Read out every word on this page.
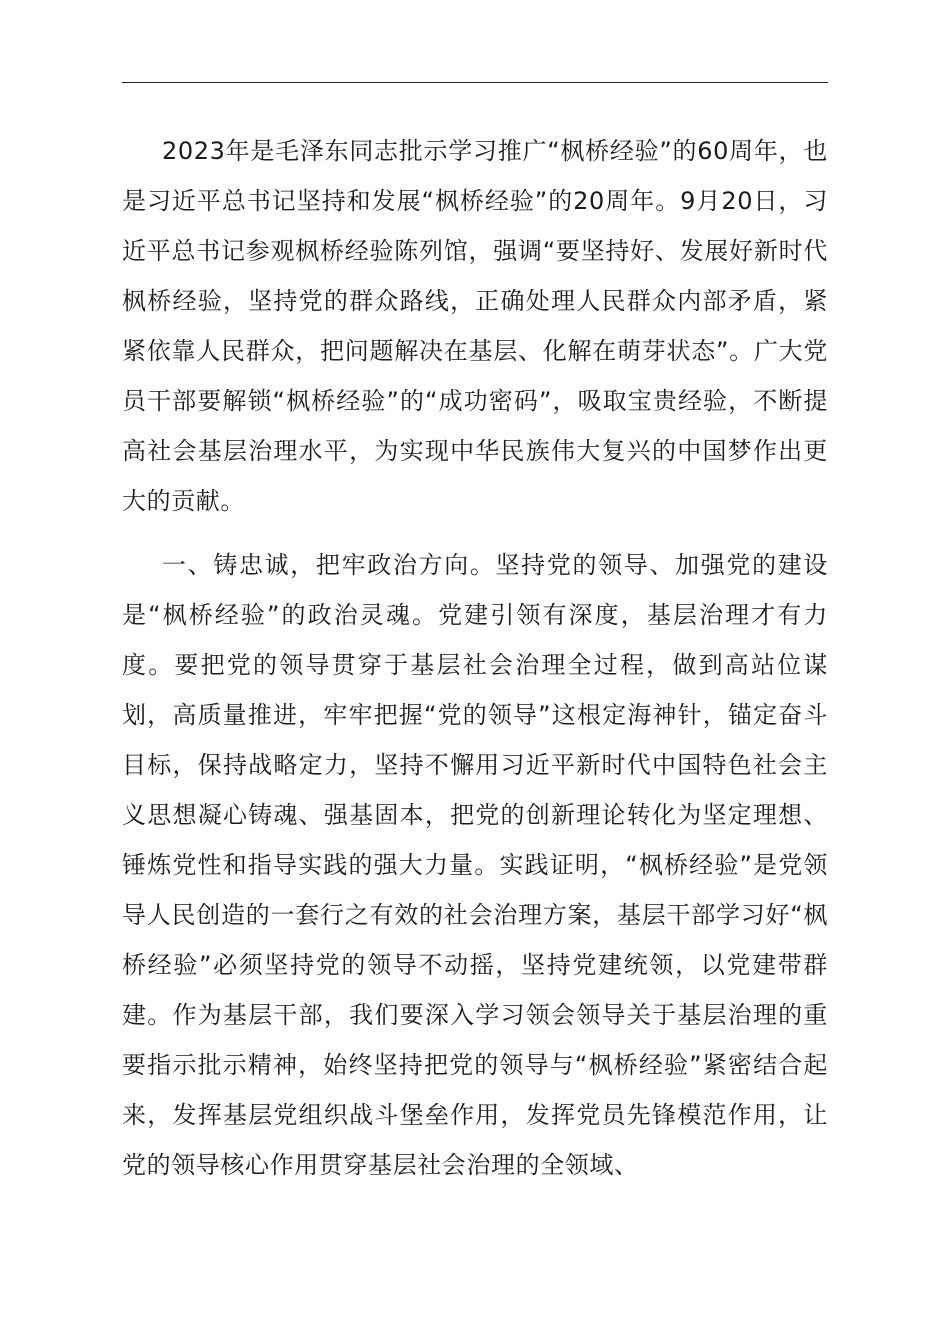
2023年是毛泽东同志批示学习推广“枫桥经验”的60周年，也是习近平总书记坚持和发展“枫桥经验”的20周年。9月20日，习近平总书记参观枫桥经验陈列馆，强调“要坚持好、发展好新时代枫桥经验，坚持党的群众路线，正确处理人民群众内部矛盾，紧紧依靠人民群众，把问题解决在基层、化解在萌芽状态”。广大党员干部要解锁“枫桥经验”的“成功密码”，吸取宝贵经验，不断提高社会基层治理水平，为实现中华民族伟大复兴的中国梦作出更大的贡献。

一、铸忠诚，把牢政治方向。坚持党的领导、加强党的建设是“枫桥经验”的政治灵魂。党建引领有深度，基层治理才有力度。要把党的领导贯穿于基层社会治理全过程，做到高站位谋划，高质量推进，牢牢把握“党的领导”这根定海神针，锚定奋斗目标，保持战略定力，坚持不懈用习近平新时代中国特色社会主义思想凝心铸魂、强基固本，把党的创新理论转化为坚定理想、锤炼党性和指导实践的强大力量。实践证明，“枫桥经验”是党领导人民创造的一套行之有效的社会治理方案，基层干部学习好“枫桥经验”必须坚持党的领导不动摇，坚持党建统领，以党建带群建。作为基层干部，我们要深入学习领会领导关于基层治理的重要指示批示精神，始终坚持把党的领导与“枫桥经验”紧密结合起来，发挥基层党组织战斗堡垒作用，发挥党员先锋模范作用，让党的领导核心作用贯穿基层社会治理的全领域、
